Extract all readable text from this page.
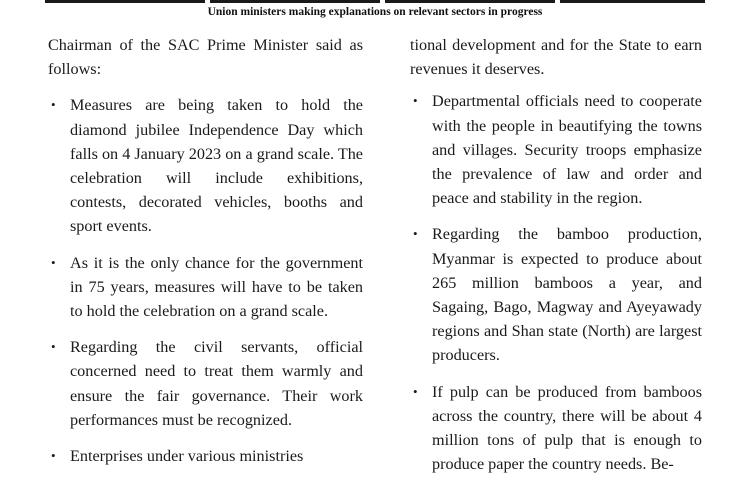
Union ministers making explanations on relevant sectors in progress

Chairman of the SAC Prime Minister said as follows:

• Measures are being taken to hold the diamond jubilee Independence Day which falls on 4 January 2023 on a grand scale. The celebration will include exhibitions, contests, decorated vehicles, booths and sport events.
• As it is the only chance for the government in 75 years, measures will have to be taken to hold the celebration on a grand scale.
• Regarding the civil servants, official concerned need to treat them warmly and ensure the fair governance. Their work performances must be recognized.
• Enterprises under various ministries

tional development and for the State to earn revenues it deserves.

• Departmental officials need to cooperate with the people in beautifying the towns and villages. Security troops emphasize the prevalence of law and order and peace and stability in the region.
• Regarding the bamboo production, Myanmar is expected to produce about 265 million bamboos a year, and Sagaing, Bago, Magway and Ayeyawady regions and Shan state (North) are largest producers.
• If pulp can be produced from bamboos across the country, there will be about 4 million tons of pulp that is enough to produce paper the country needs. Be-
